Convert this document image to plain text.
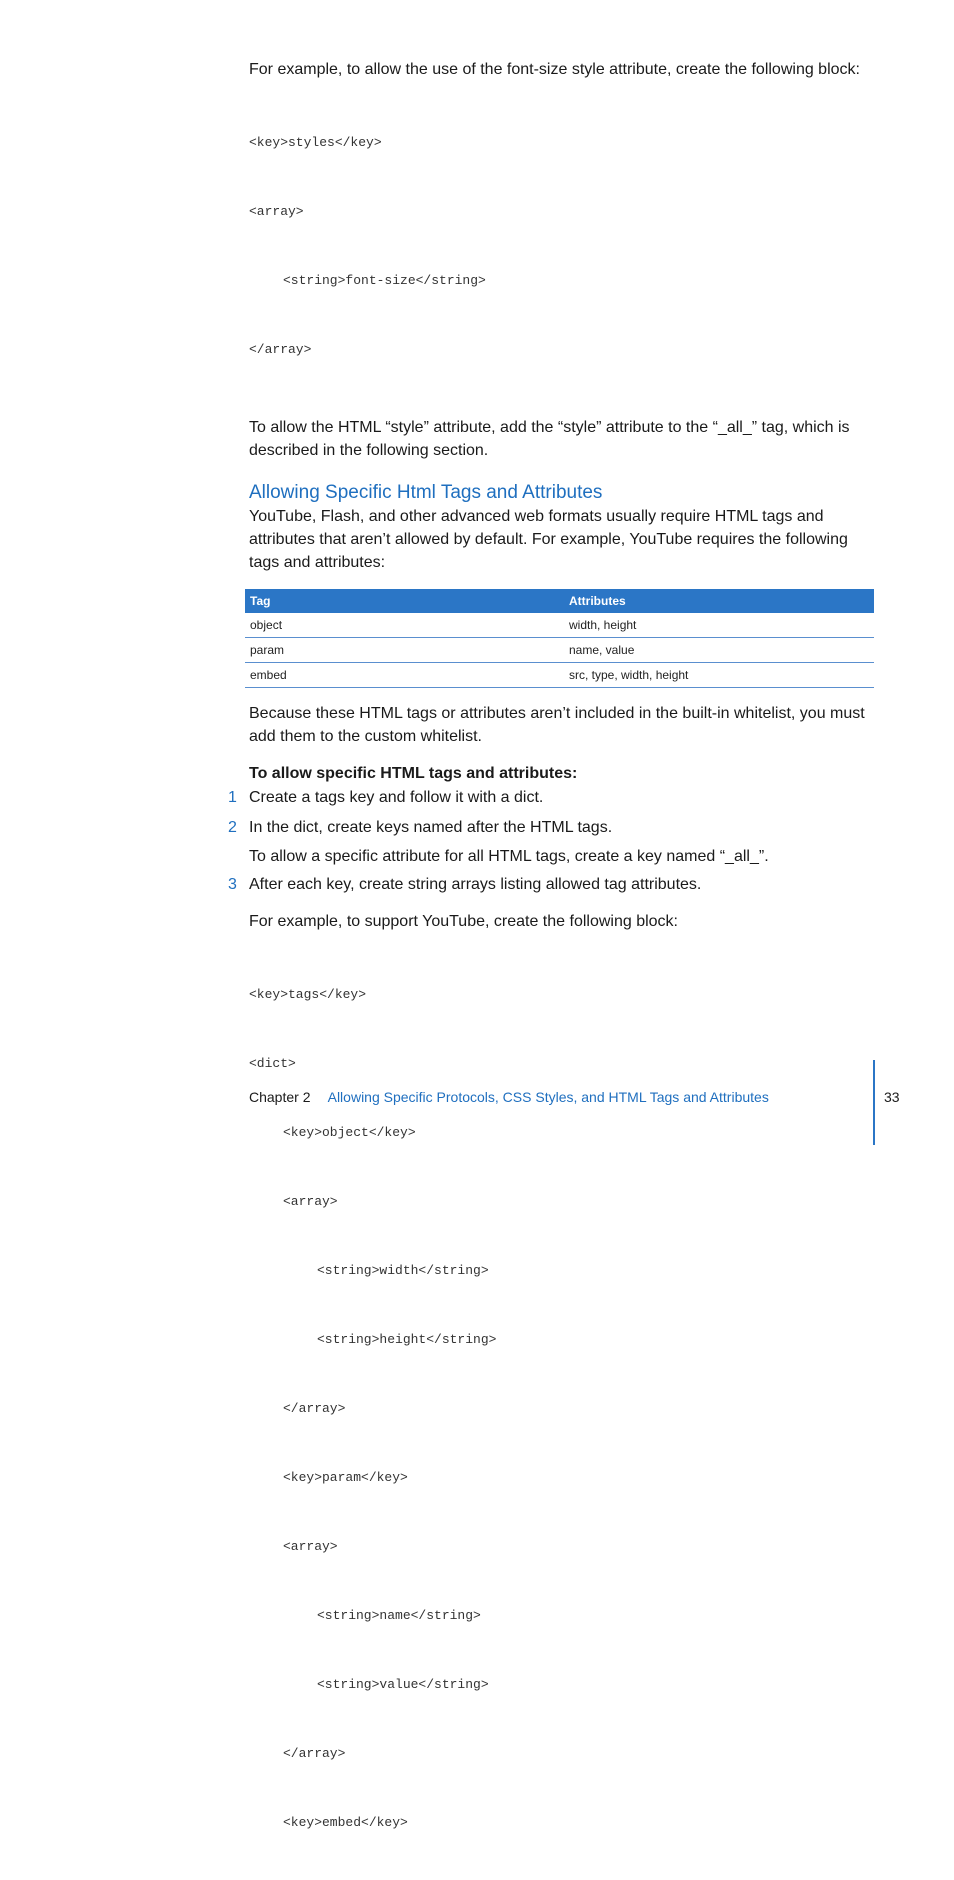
For example, to allow the use of the font-size style attribute, create the following block:

<key>styles</key>

<array>

<string>font-size</string>

</array>

To allow the HTML “style” attribute, add the “style” attribute to the “_all_” tag, which is described in the following section.

Allowing Specific Html Tags and Attributes

YouTube, Flash, and other advanced web formats usually require HTML tags and attributes that aren’t allowed by default. For example, YouTube requires the following tags and attributes:

Tag	Attributes
object	width, height
param	name, value
embed	src, type, width, height

Because these HTML tags or attributes aren’t included in the built-in whitelist, you must add them to the custom whitelist.

To allow specific HTML tags and attributes:

1 Create a tags key and follow it with a dict.
2 In the dict, create keys named after the HTML tags.

To allow a specific attribute for all HTML tags, create a key named “_all_”.

3 After each key, create string arrays listing allowed tag attributes.

For example, to support YouTube, create the following block:

<key>tags</key>

<dict>

<key>object</key>

<array>

<string>width</string>

<string>height</string>

</array>

<key>param</key>

<array>

<string>name</string>

<string>value</string>

</array>

<key>embed</key>

Chapter 2 Allowing Specific Protocols, CSS Styles, and HTML Tags and Attributes	33
